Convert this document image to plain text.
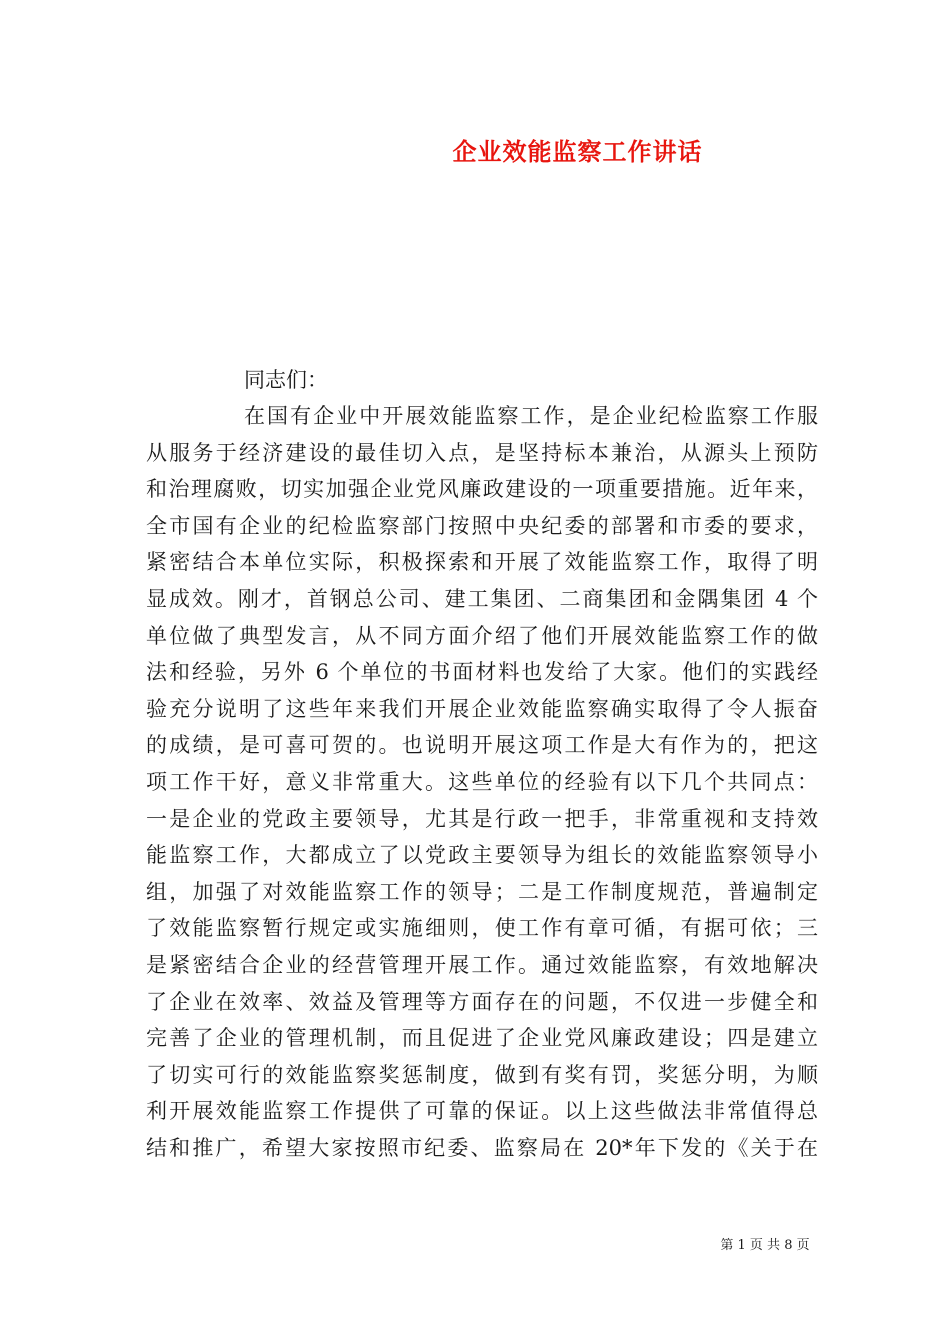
企业效能监察工作讲话

同志们：

在国有企业中开展效能监察工作，是企业纪检监察工作服
从服务于经济建设的最佳切入点，是坚持标本兼治，从源头上预防
和治理腐败，切实加强企业党风廉政建设的一项重要措施。近年来，
全市国有企业的纪检监察部门按照中央纪委的部署和市委的要求，
紧密结合本单位实际，积极探索和开展了效能监察工作，取得了明
显成效。刚才，首钢总公司、建工集团、二商集团和金隅集团 4 个
单位做了典型发言，从不同方面介绍了他们开展效能监察工作的做
法和经验，另外 6 个单位的书面材料也发给了大家。他们的实践经
验充分说明了这些年来我们开展企业效能监察确实取得了令人振奋
的成绩，是可喜可贺的。也说明开展这项工作是大有作为的，把这
项工作干好，意义非常重大。这些单位的经验有以下几个共同点：
一是企业的党政主要领导，尤其是行政一把手，非常重视和支持效
能监察工作，大都成立了以党政主要领导为组长的效能监察领导小
组，加强了对效能监察工作的领导；二是工作制度规范，普遍制定
了效能监察暂行规定或实施细则，使工作有章可循，有据可依；三
是紧密结合企业的经营管理开展工作。通过效能监察，有效地解决
了企业在效率、效益及管理等方面存在的问题，不仅进一步健全和
完善了企业的管理机制，而且促进了企业党风廉政建设；四是建立
了切实可行的效能监察奖惩制度，做到有奖有罚，奖惩分明，为顺
利开展效能监察工作提供了可靠的保证。以上这些做法非常值得总
结和推广，希望大家按照市纪委、监察局在 20*年下发的《关于在

第 1 页 共 8 页
